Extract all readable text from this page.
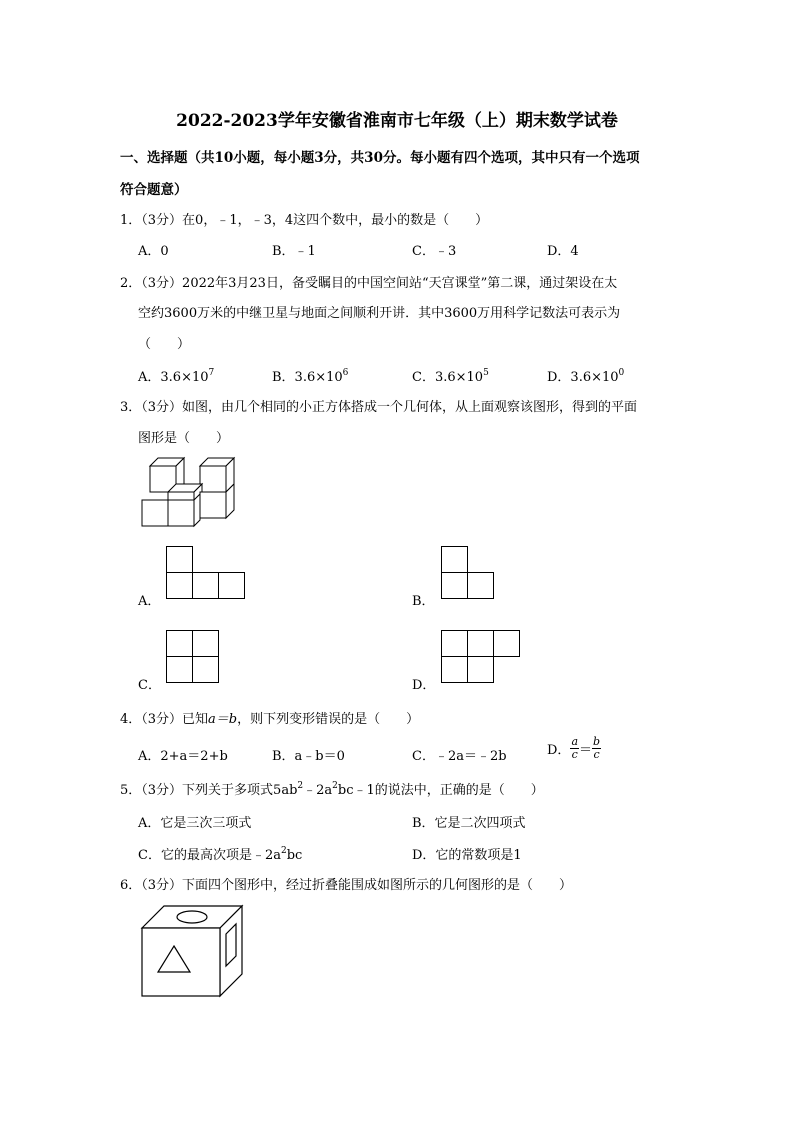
2022-2023学年安徽省淮南市七年级（上）期末数学试卷
一、选择题（共10小题，每小题3分，共30分。每小题有四个选项，其中只有一个选项
符合题意）
1．（3分）在0，﹣1，﹣3，4这四个数中，最小的数是（　　）
A．0	B．﹣1	C．﹣3	D．4
2．（3分）2022年3月23日，备受瞩目的中国空间站“天宫课堂”第二课，通过架设在太
空约3600万米的中继卫星与地面之间顺利开讲．其中3600万用科学记数法可表示为
（　　）
A．$3.6\times 10^7$	B．$3.6\times 10^6$	C．$3.6\times 10^5$	D．$3.6\times 10^0$
3．（3分）如图，由几个相同的小正方体搭成一个几何体，从上面观察该图形，得到的平面
图形是（　　）
A．	B．
C．	D．
4．（3分）已知a＝b，则下列变形错误的是（　　）
A．2+a＝2+b	B．a﹣b＝0	C．﹣2a＝﹣2b	D． $\frac{a}{c} = \frac{b}{c}$
5．（3分）下列关于多项式$5ab^2﹣2a^2bc﹣1$的说法中，正确的是（　　）
A．它是三次三项式	B．它是二次四项式
C．它的最高次项是$﹣2a^2bc$	D．它的常数项是1
6．（3分）下面四个图形中，经过折叠能围成如图所示的几何图形的是（　　）
